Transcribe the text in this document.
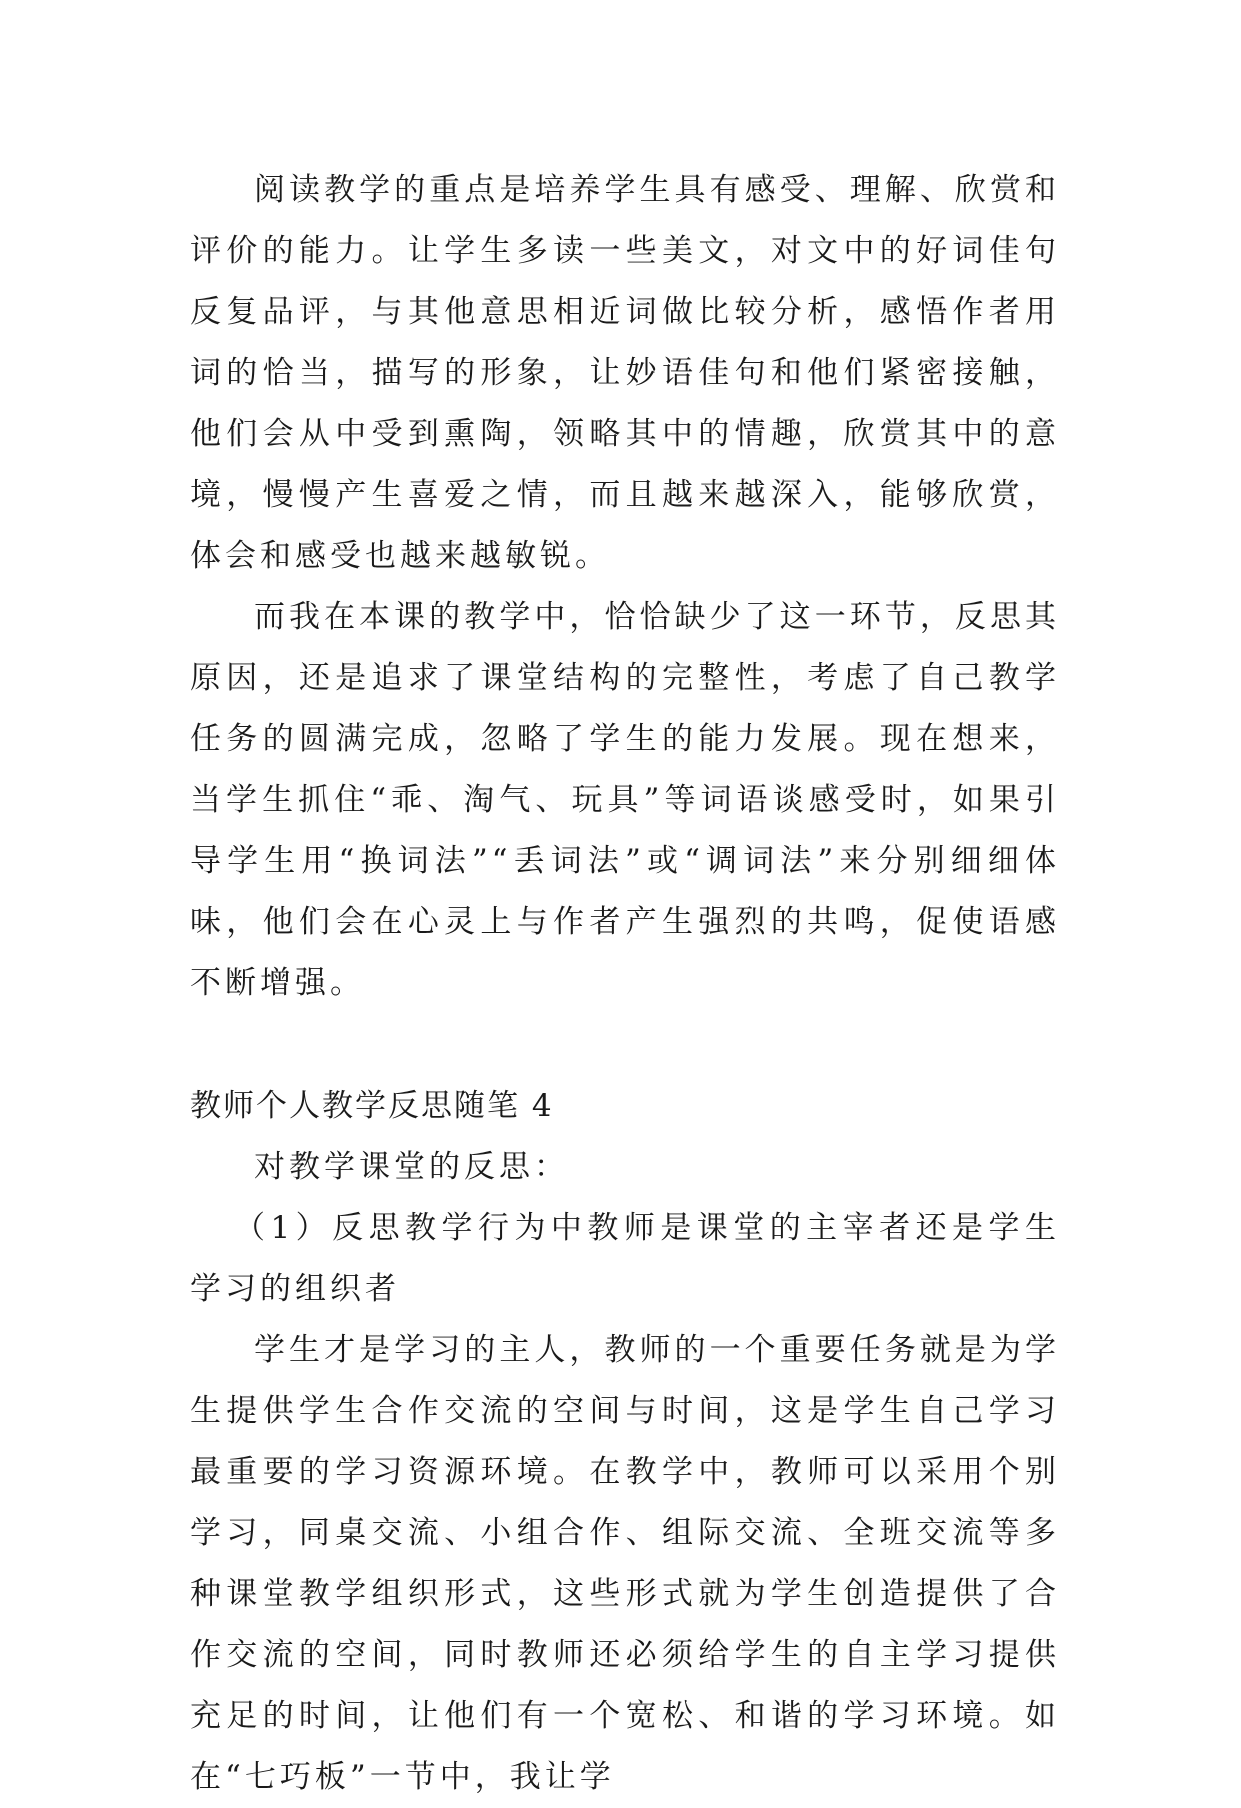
阅读教学的重点是培养学生具有感受、理解、欣赏和评价的能力。让学生多读一些美文，对文中的好词佳句反复品评，与其他意思相近词做比较分析，感悟作者用词的恰当，描写的形象，让妙语佳句和他们紧密接触，他们会从中受到熏陶，领略其中的情趣，欣赏其中的意境，慢慢产生喜爱之情，而且越来越深入，能够欣赏，体会和感受也越来越敏锐。

而我在本课的教学中，恰恰缺少了这一环节，反思其原因，还是追求了课堂结构的完整性，考虑了自己教学任务的圆满完成，忽略了学生的能力发展。现在想来，当学生抓住“乖、淘气、玩具”等词语谈感受时，如果引导学生用“换词法”“丢词法”或“调词法”来分别细细体味，他们会在心灵上与作者产生强烈的共鸣，促使语感不断增强。

教师个人教学反思随笔 4

对教学课堂的反思：

（1）反思教学行为中教师是课堂的主宰者还是学生学习的组织者

学生才是学习的主人，教师的一个重要任务就是为学生提供学生合作交流的空间与时间，这是学生自己学习最重要的学习资源环境。在教学中，教师可以采用个别学习，同桌交流、小组合作、组际交流、全班交流等多种课堂教学组织形式，这些形式就为学生创造提供了合作交流的空间，同时教师还必须给学生的自主学习提供充足的时间，让他们有一个宽松、和谐的学习环境。如在“七巧板”一节中，我让学
